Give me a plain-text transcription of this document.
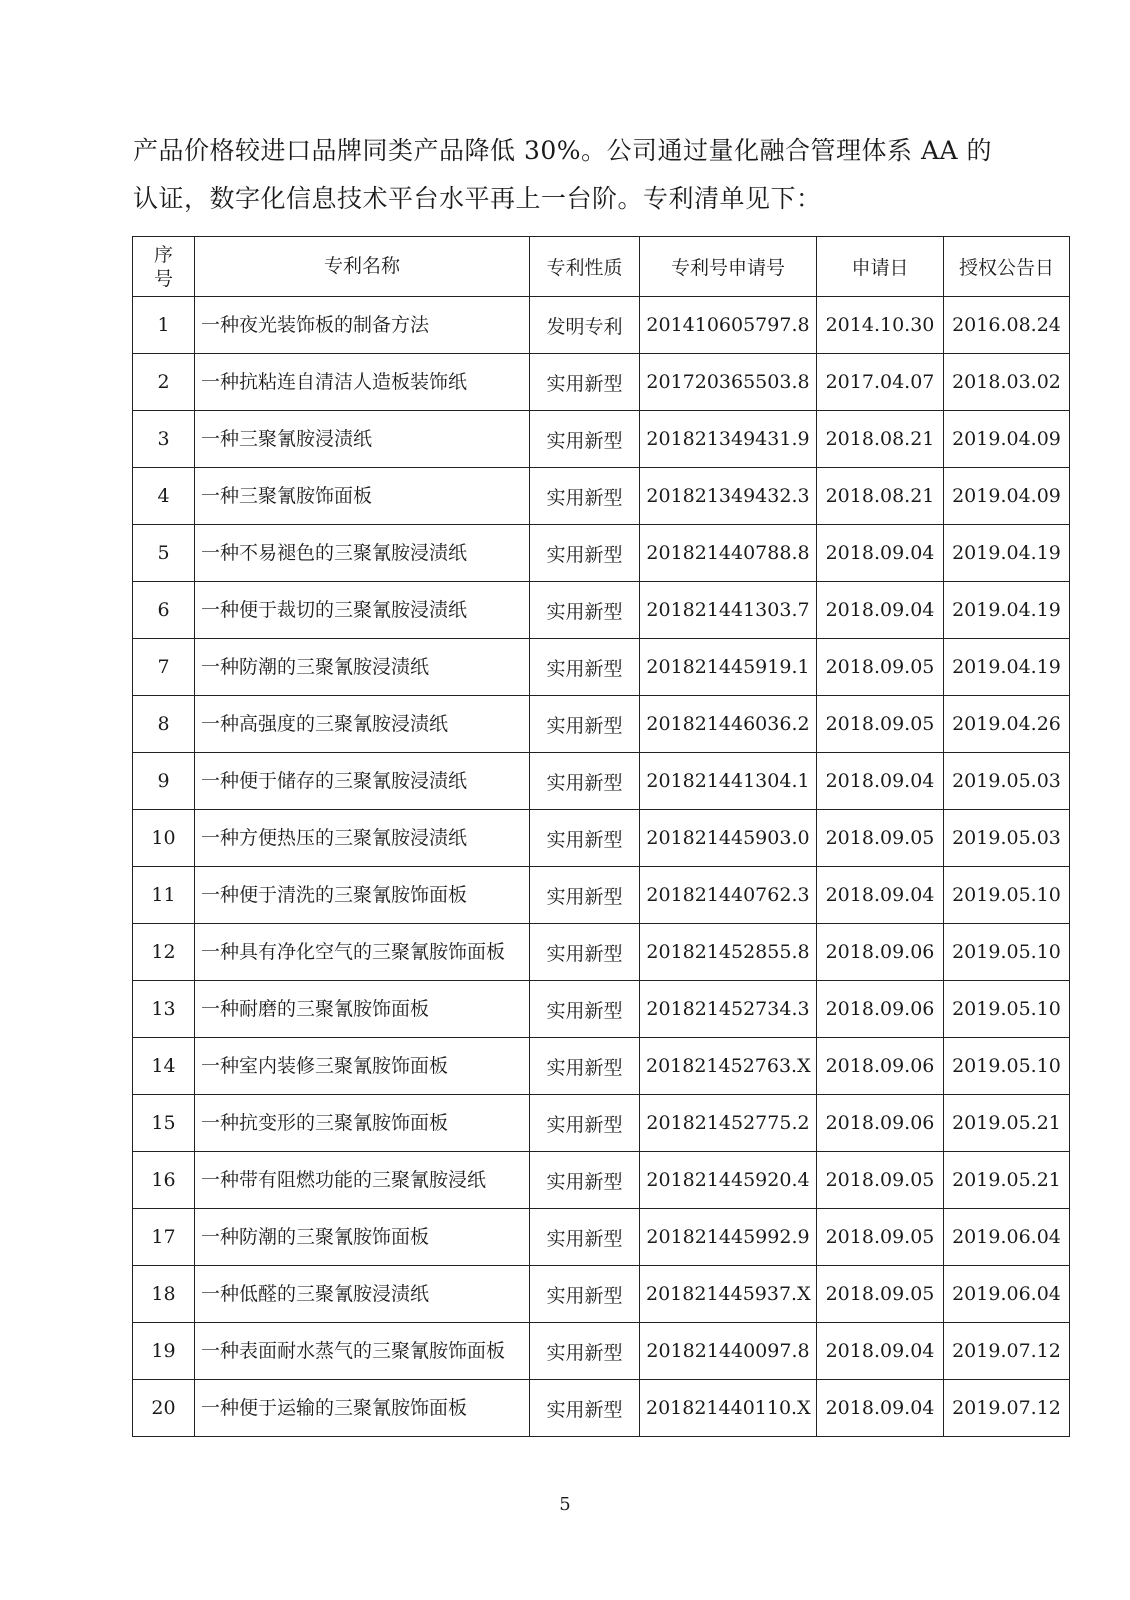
产品价格较进口品牌同类产品降低 30%。公司通过量化融合管理体系 AA 的

认证，数字化信息技术平台水平再上一台阶。专利清单见下：

序
号	专利名称	专利性质	专利号申请号	申请日	授权公告日
1	一种夜光装饰板的制备方法	发明专利	201410605797.8	2014.10.30	2016.08.24
2	一种抗粘连自清洁人造板装饰纸	实用新型	201720365503.8	2017.04.07	2018.03.02
3	一种三聚氰胺浸渍纸	实用新型	201821349431.9	2018.08.21	2019.04.09
4	一种三聚氰胺饰面板	实用新型	201821349432.3	2018.08.21	2019.04.09
5	一种不易褪色的三聚氰胺浸渍纸	实用新型	201821440788.8	2018.09.04	2019.04.19
6	一种便于裁切的三聚氰胺浸渍纸	实用新型	201821441303.7	2018.09.04	2019.04.19
7	一种防潮的三聚氰胺浸渍纸	实用新型	201821445919.1	2018.09.05	2019.04.19
8	一种高强度的三聚氰胺浸渍纸	实用新型	201821446036.2	2018.09.05	2019.04.26
9	一种便于储存的三聚氰胺浸渍纸	实用新型	201821441304.1	2018.09.04	2019.05.03
10	一种方便热压的三聚氰胺浸渍纸	实用新型	201821445903.0	2018.09.05	2019.05.03
11	一种便于清洗的三聚氰胺饰面板	实用新型	201821440762.3	2018.09.04	2019.05.10
12	一种具有净化空气的三聚氰胺饰面板	实用新型	201821452855.8	2018.09.06	2019.05.10
13	一种耐磨的三聚氰胺饰面板	实用新型	201821452734.3	2018.09.06	2019.05.10
14	一种室内装修三聚氰胺饰面板	实用新型	201821452763.X	2018.09.06	2019.05.10
15	一种抗变形的三聚氰胺饰面板	实用新型	201821452775.2	2018.09.06	2019.05.21
16	一种带有阻燃功能的三聚氰胺浸纸	实用新型	201821445920.4	2018.09.05	2019.05.21
17	一种防潮的三聚氰胺饰面板	实用新型	201821445992.9	2018.09.05	2019.06.04
18	一种低醛的三聚氰胺浸渍纸	实用新型	201821445937.X	2018.09.05	2019.06.04
19	一种表面耐水蒸气的三聚氰胺饰面板	实用新型	201821440097.8	2018.09.04	2019.07.12
20	一种便于运输的三聚氰胺饰面板	实用新型	201821440110.X	2018.09.04	2019.07.12
5
